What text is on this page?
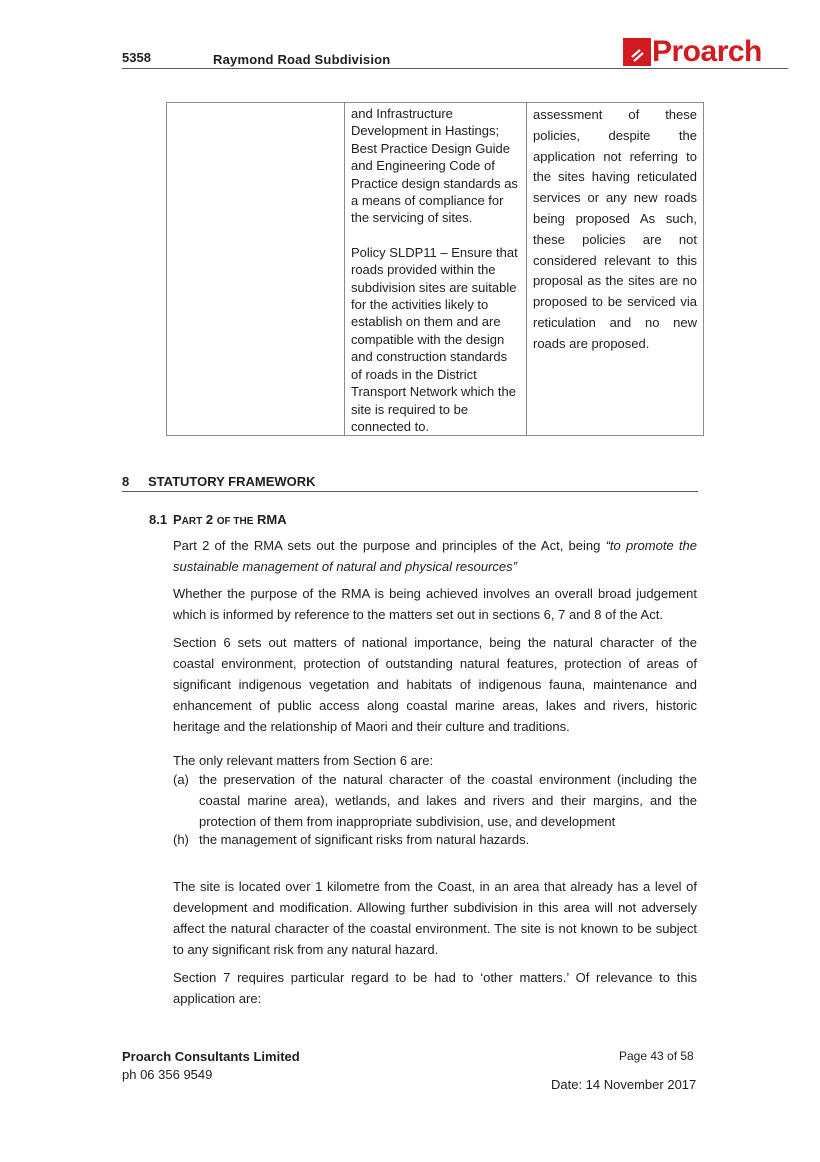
5358	Raymond Road Subdivision	Proarch

and Infrastructure Development in Hastings; Best Practice Design Guide and Engineering Code of Practice design standards as a means of compliance for the servicing of sites.

Policy SLDP11 – Ensure that roads provided within the subdivision sites are suitable for the activities likely to establish on them and are compatible with the design and construction standards of roads in the District Transport Network which the site is required to be connected to.

assessment of these policies, despite the application not referring to the sites having reticulated services or any new roads being proposed As such, these policies are not considered relevant to this proposal as the sites are no proposed to be serviced via reticulation and no new roads are proposed.
8 STATUTORY FRAMEWORK
8.1 PART 2 OF THE RMA
Part 2 of the RMA sets out the purpose and principles of the Act, being “to promote the sustainable management of natural and physical resources”
Whether the purpose of the RMA is being achieved involves an overall broad judgement which is informed by reference to the matters set out in sections 6, 7 and 8 of the Act.
Section 6 sets out matters of national importance, being the natural character of the coastal environment, protection of outstanding natural features, protection of areas of significant indigenous vegetation and habitats of indigenous fauna, maintenance and enhancement of public access along coastal marine areas, lakes and rivers, historic heritage and the relationship of Maori and their culture and traditions.
The only relevant matters from Section 6 are:
(a) the preservation of the natural character of the coastal environment (including the coastal marine area), wetlands, and lakes and rivers and their margins, and the protection of them from inappropriate subdivision, use, and development
(h) the management of significant risks from natural hazards.
The site is located over 1 kilometre from the Coast, in an area that already has a level of development and modification. Allowing further subdivision in this area will not adversely affect the natural character of the coastal environment. The site is not known to be subject to any significant risk from any natural hazard.
Section 7 requires particular regard to be had to ‘other matters.’ Of relevance to this application are:
Proarch Consultants Limited
ph 06 356 9549
Page 43 of 58
Date: 14 November 2017
